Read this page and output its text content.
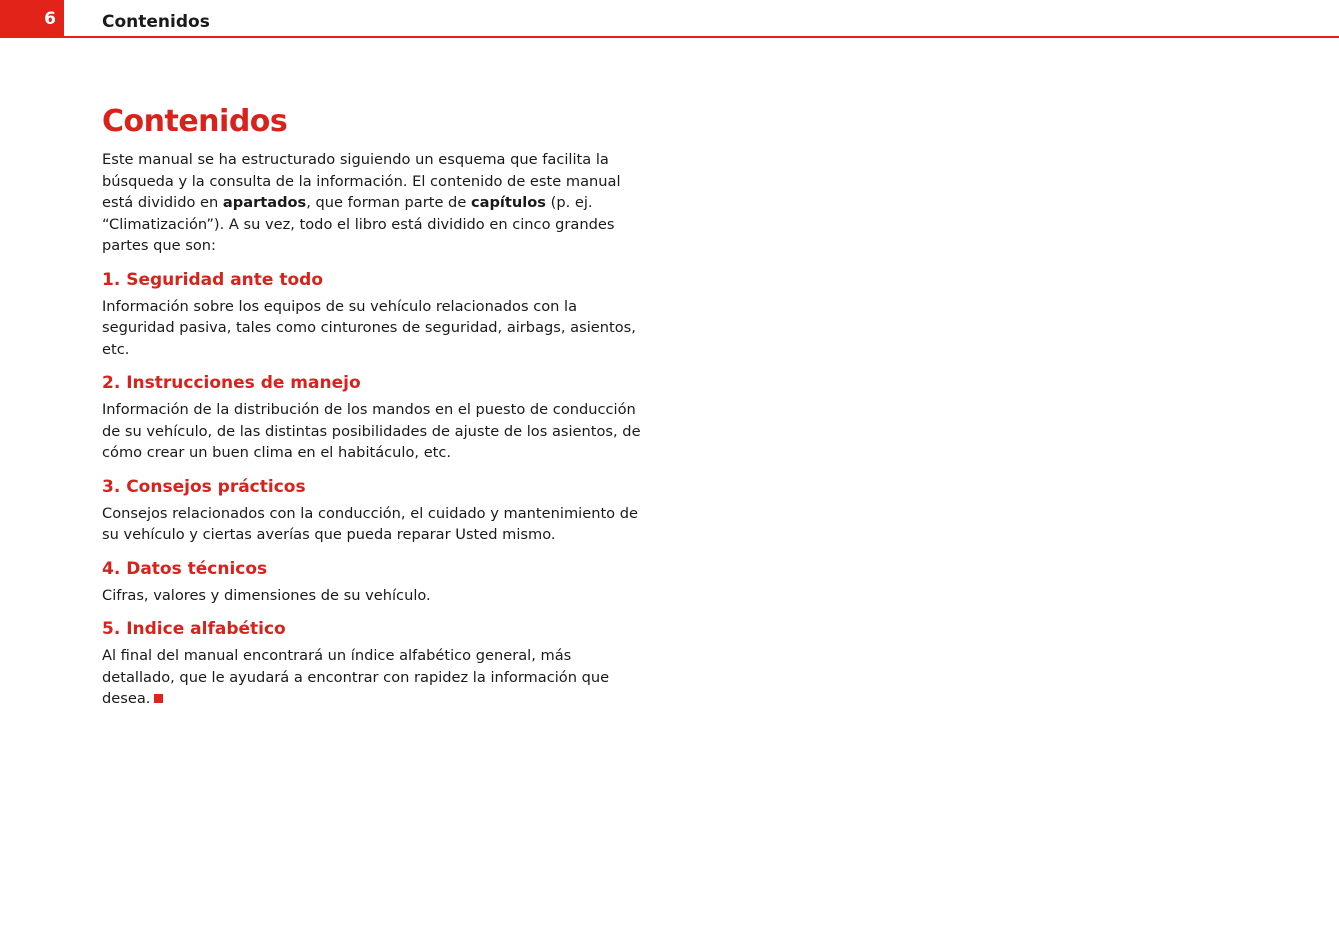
6	Contenidos
Contenidos

Este manual se ha estructurado siguiendo un esquema que facilita la búsqueda y la consulta de la información. El contenido de este manual está dividido en apartados, que forman parte de capítulos (p. ej. “Climatización”). A su vez, todo el libro está dividido en cinco grandes partes que son:

1. Seguridad ante todo

Información sobre los equipos de su vehículo relacionados con la seguridad pasiva, tales como cinturones de seguridad, airbags, asientos, etc.

2. Instrucciones de manejo

Información de la distribución de los mandos en el puesto de conducción de su vehículo, de las distintas posibilidades de ajuste de los asientos, de cómo crear un buen clima en el habitáculo, etc.

3. Consejos prácticos

Consejos relacionados con la conducción, el cuidado y mantenimiento de su vehículo y ciertas averías que pueda reparar Usted mismo.

4. Datos técnicos

Cifras, valores y dimensiones de su vehículo.

5. Indice alfabético

Al final del manual encontrará un índice alfabético general, más detallado, que le ayudará a encontrar con rapidez la información que desea.
